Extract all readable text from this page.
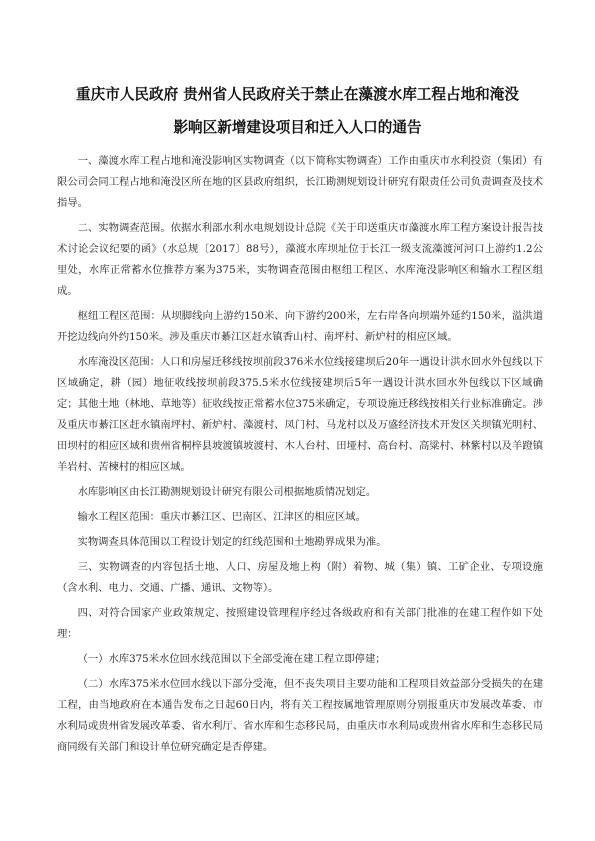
重庆市人民政府 贵州省人民政府关于禁止在藻渡水库工程占地和淹没
影响区新增建设项目和迁入人口的通告

一、藻渡水库工程占地和淹没影响区实物调查（以下简称实物调查）工作由重庆市水利投资（集团）有限公司会同工程占地和淹没区所在地的区县政府组织，长江勘测规划设计研究有限责任公司负责调查及技术指导。

二、实物调查范围。依据水利部水利水电规划设计总院《关于印送重庆市藻渡水库工程方案设计报告技术讨论会议纪要的函》（水总规〔2017〕88号），藻渡水库坝址位于长江一级支流藻渡河河口上游约1.2公里处，水库正常蓄水位推荐方案为375米，实物调查范围由枢纽工程区、水库淹没影响区和输水工程区组成。

枢纽工程区范围：从坝脚线向上游约150米、向下游约200米，左右岸各向坝端外延约150米，溢洪道开挖边线向外约150米。涉及重庆市綦江区赶水镇香山村、南坪村、新炉村的相应区域。

水库淹没区范围：人口和房屋迁移线按坝前段376米水位线接建坝后20年一遇设计洪水回水外包线以下区域确定，耕（园）地征收线按坝前段375.5米水位线接建坝后5年一遇设计洪水回水外包线以下区域确定；其他土地（林地、草地等）征收线按正常蓄水位375米确定，专项设施迁移线按相关行业标准确定。涉及重庆市綦江区赶水镇南坪村、新炉村、藻渡村、凤门村、马龙村以及万盛经济技术开发区关坝镇光明村、田坝村的相应区域和贵州省桐梓县坡渡镇坡渡村、木人台村、田垭村、高台村、高粱村、林紫村以及羊蹬镇羊岩村、苦楝村的相应区域。

水库影响区由长江勘测规划设计研究有限公司根据地质情况划定。

输水工程区范围：重庆市綦江区、巴南区、江津区的相应区域。

实物调查具体范围以工程设计划定的红线范围和土地勘界成果为准。

三、实物调查的内容包括土地、人口、房屋及地上构（附）着物、城（集）镇、工矿企业、专项设施（含水利、电力、交通、广播、通讯、文物等）。

四、对符合国家产业政策规定、按照建设管理程序经过各级政府和有关部门批准的在建工程作如下处理：

（一）水库375米水位回水线范围以下全部受淹在建工程立即停建；

（二）水库375米水位回水线以下部分受淹，但不丧失项目主要功能和工程项目效益部分受损失的在建工程，由当地政府在本通告发布之日起60日内，将有关工程按属地管理原则分别报重庆市发展改革委、市水利局或贵州省发展改革委、省水利厅、省水库和生态移民局，由重庆市水利局或贵州省水库和生态移民局商同级有关部门和设计单位研究确定是否停建。
